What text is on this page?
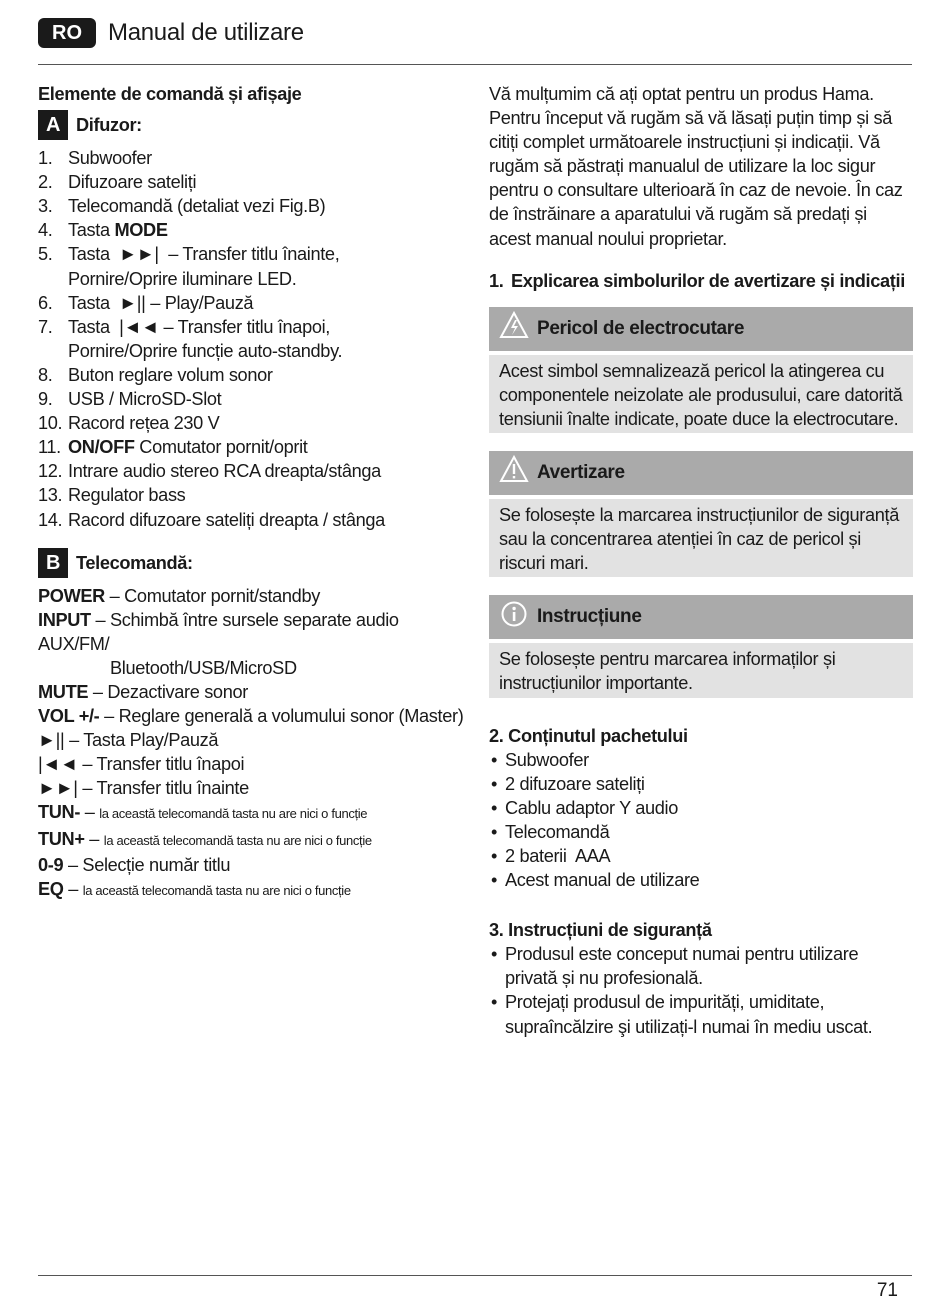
RO	Manual de utilizare
Elemente de comandă și afișaje
A Difuzor:
1. Subwoofer
2. Difuzoare sateliți
3. Telecomandă (detaliat vezi Fig.B)
4. Tasta MODE
5. Tasta  ►►|  – Transfer titlu înainte,
Pornire/Oprire iluminare LED.
6. Tasta  ►|| – Play/Pauză
7. Tasta  |◄◄ – Transfer titlu înapoi,
Pornire/Oprire funcție auto-standby.
8. Buton reglare volum sonor
9. USB / MicroSD-Slot
10. Racord rețea 230 V
11. ON/OFF Comutator pornit/oprit
12. Intrare audio stereo RCA dreapta/stânga
13. Regulator bass
14. Racord difuzoare sateliți dreapta / stânga
B Telecomandă:
POWER – Comutator pornit/standby
INPUT – Schimbă între sursele separate audio AUX/FM/
Bluetooth/USB/MicroSD
MUTE – Dezactivare sonor
VOL +/- – Reglare generală a volumului sonor (Master)
►|| – Tasta Play/Pauză
|◄◄ – Transfer titlu înapoi
►►| – Transfer titlu înainte
TUN- – la această telecomandă tasta nu are nici o funcție
TUN+ – la această telecomandă tasta nu are nici o funcție
0-9 – Selecție număr titlu
EQ – la această telecomandă tasta nu are nici o funcție

Vă mulțumim că ați optat pentru un produs Hama. Pentru început vă rugăm să vă lăsați puțin timp și să citiți complet următoarele instrucțiuni și indicații. Vă rugăm să păstrați manualul de utilizare la loc sigur pentru o consultare ulterioară în caz de nevoie. În caz de înstrăinare a aparatului vă rugăm să predați și acest manual noului proprietar.

1. Explicarea simbolurilor de avertizare și indicații
Pericol de electrocutare
Acest simbol semnalizează pericol la atingerea cu componentele neizolate ale produsului, care datorită tensiunii înalte indicate, poate duce la electrocutare.
Avertizare
Se folosește la marcarea instrucțiunilor de siguranță sau la concentrarea atenției în caz de pericol și riscuri mari.
Instrucțiune
Se folosește pentru marcarea informaților și instrucțiunilor importante.
2. Conținutul pachetului
• Subwoofer
• 2 difuzoare sateliți
• Cablu adaptor Y audio
• Telecomandă
• 2 baterii  AAA
• Acest manual de utilizare
3. Instrucțiuni de siguranță
• Produsul este conceput numai pentru utilizare privată și nu profesională.
• Protejați produsul de impurități, umiditate, supraîncălzire şi utilizați-l numai în mediu uscat.
71
